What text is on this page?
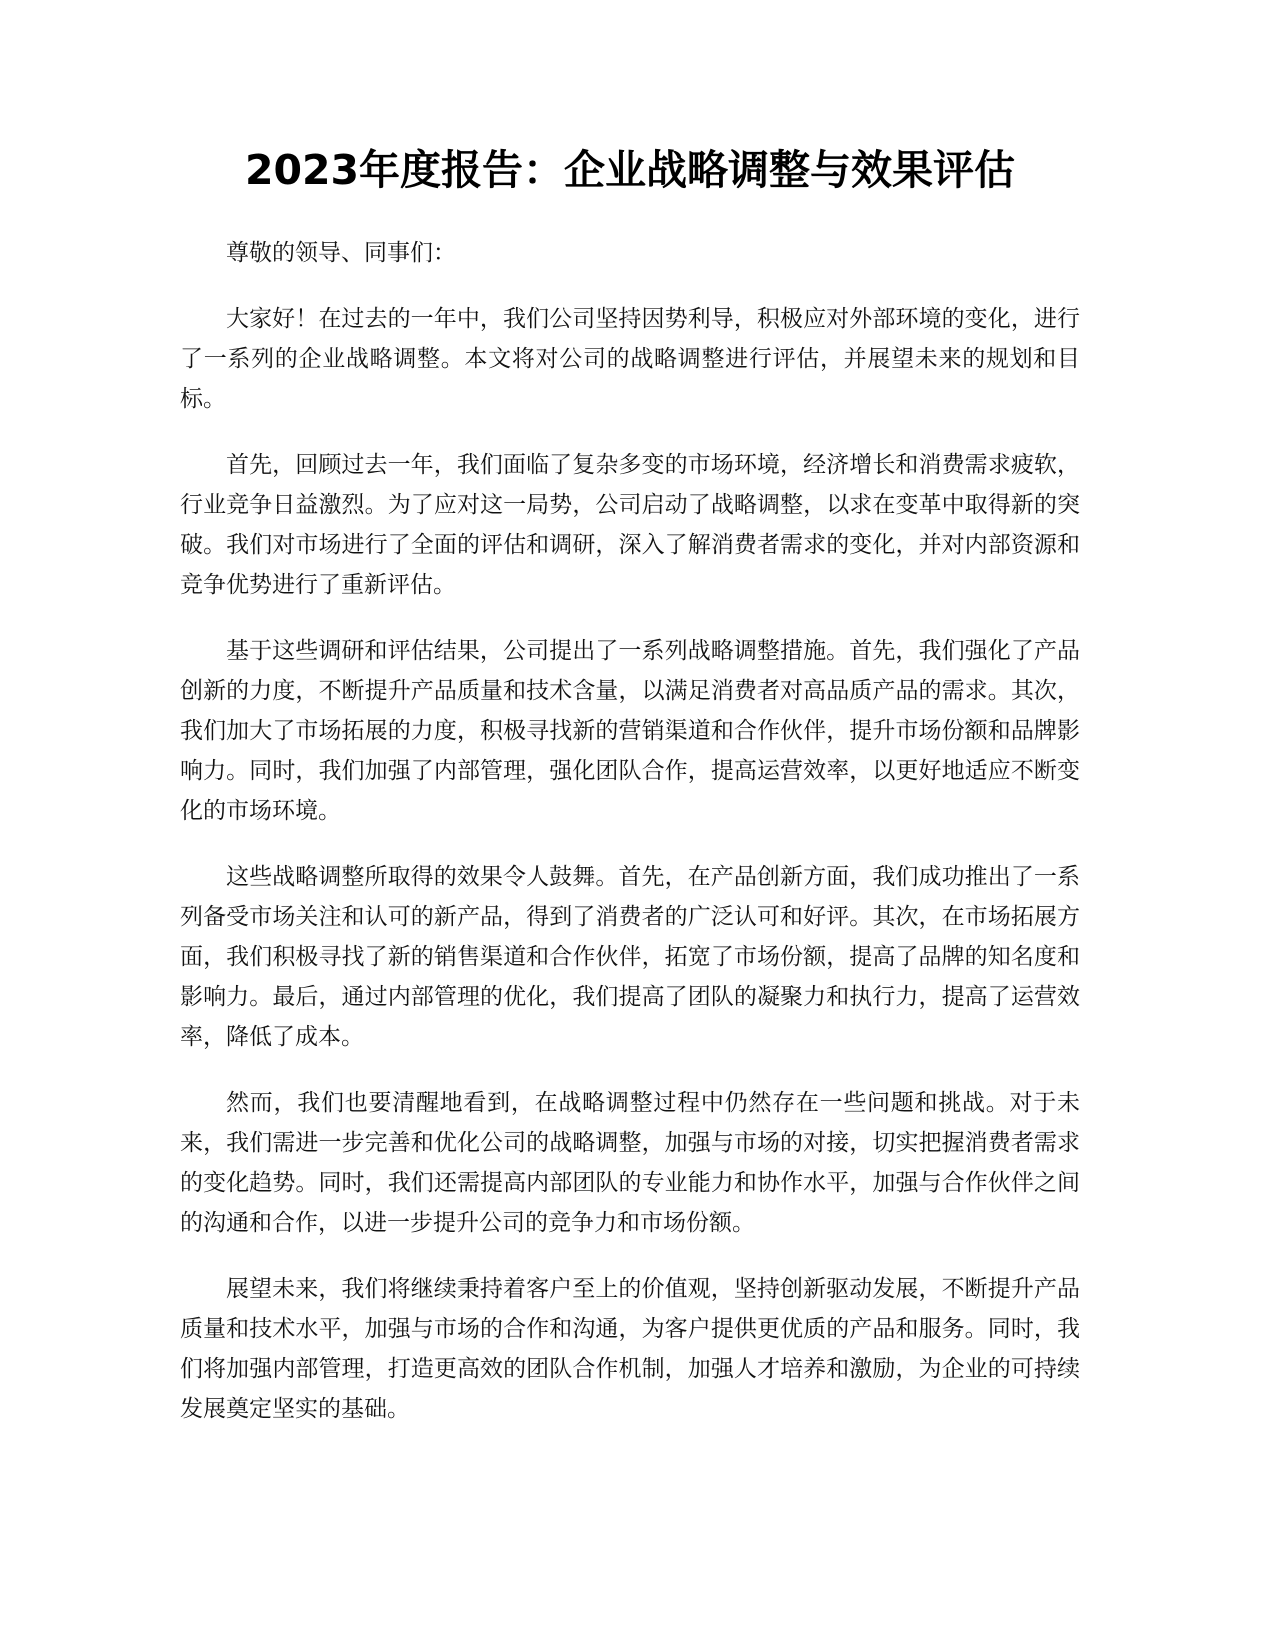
2023年度报告：企业战略调整与效果评估

尊敬的领导、同事们：

大家好！在过去的一年中，我们公司坚持因势利导，积极应对外部环境的变化，进行了一系列的企业战略调整。本文将对公司的战略调整进行评估，并展望未来的规划和目标。

首先，回顾过去一年，我们面临了复杂多变的市场环境，经济增长和消费需求疲软，行业竞争日益激烈。为了应对这一局势，公司启动了战略调整，以求在变革中取得新的突破。我们对市场进行了全面的评估和调研，深入了解消费者需求的变化，并对内部资源和竞争优势进行了重新评估。

基于这些调研和评估结果，公司提出了一系列战略调整措施。首先，我们强化了产品创新的力度，不断提升产品质量和技术含量，以满足消费者对高品质产品的需求。其次，我们加大了市场拓展的力度，积极寻找新的营销渠道和合作伙伴，提升市场份额和品牌影响力。同时，我们加强了内部管理，强化团队合作，提高运营效率，以更好地适应不断变化的市场环境。

这些战略调整所取得的效果令人鼓舞。首先，在产品创新方面，我们成功推出了一系列备受市场关注和认可的新产品，得到了消费者的广泛认可和好评。其次，在市场拓展方面，我们积极寻找了新的销售渠道和合作伙伴，拓宽了市场份额，提高了品牌的知名度和影响力。最后，通过内部管理的优化，我们提高了团队的凝聚力和执行力，提高了运营效率，降低了成本。

然而，我们也要清醒地看到，在战略调整过程中仍然存在一些问题和挑战。对于未来，我们需进一步完善和优化公司的战略调整，加强与市场的对接，切实把握消费者需求的变化趋势。同时，我们还需提高内部团队的专业能力和协作水平，加强与合作伙伴之间的沟通和合作，以进一步提升公司的竞争力和市场份额。

展望未来，我们将继续秉持着客户至上的价值观，坚持创新驱动发展，不断提升产品质量和技术水平，加强与市场的合作和沟通，为客户提供更优质的产品和服务。同时，我们将加强内部管理，打造更高效的团队合作机制，加强人才培养和激励，为企业的可持续发展奠定坚实的基础。
